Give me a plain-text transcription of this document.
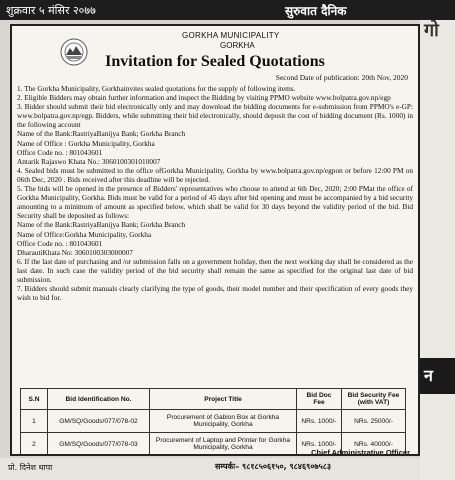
शुक्रवार ५ मंसिर २०७७	सुरुवात दैनिक
गो
न
GORKHA MUNICIPALITY
GORKHA
Invitation for Sealed Quotations
Second Date of publication: 20th Nov, 2020

1. The Gorkha Municipality, Gorkhainvites sealed quotations for the supply of following items.

2. Eligible Bidders may obtain further information and inspect the Bidding by visiting PPMO website www.bolpatra.gov.np/egp

3. Bidder should submit their bid electronically only and may download the bidding documents for e-submission from PPMO's e-GP: www.bolpatra.gov.np/egp. Bidders, while submitting their bid electronically, should deposit the cost of bidding document (Rs. 1000) in the following account

Name of the Bank:RastriyaBanijya Bank; Gorkha Branch

Name of Office : Gorkha Municipality, Gorkha

Office Code no. : 801043601

Antarik Rajaswo Khata No.: 3060100301010007

4. Sealed bids must be submitted to the office ofGorkha Municipality, Gorkha by www.bolpatra.gov.np/egpon or before 12:00 PM on 06th Dec, 2020 . Bids received after this deadline will be rejected.

5. The bids will be opened in the presence of Bidders' representatives who choose to attend at 6th Dec, 2020; 2:00 PMat the office of Gorkha Municipality, Gorkha. Bids must be valid for a period of 45 days after bid opening and must be accompanied by a bid security amounting to a minimum of amount as specified below, which shall be valid for 30 days beyond the validity period of the bid. Bid Security shall be deposited as follows:

Name of the Bank:RastriyaBanijya Bank; Gorkha Branch

Name of Office:Gorkha Municipality, Gorkha

Office Code no. : 801043601

DharautiKhata No: 3060100303000007

6. If the last date of purchasing and /or submission falls on a government holiday, then the next working day shall be considered as the last date. In such case the validity period of the bid security shall remain the same as specified for the original last date of bid submission.

7. Bidders should submit manuals clearly clarifying the type of goods, their model number and their specification of every goods they wish to bid for.

S.N	Bid Identification No.	Project Title	Bid Doc Fee	Bid Security Fee (with VAT)
1	GM/SQ/Goods/077/078-02	Procurement of Gabion Box at Gorkha Municipality, Gorkha	NRs. 1000/-	NRs. 25000/-
2	GM/SQ/Goods/077/078-03	Procurement of Laptop and Printer for Gorkha Municipality, Gorkha	NRs. 1000/-	NRs. 40000/-
Chief Administrative Officer
प्रो. दिनेश थापा	सम्पर्कः– ९८१८५०६१५०, ९८४६९०७५८३
